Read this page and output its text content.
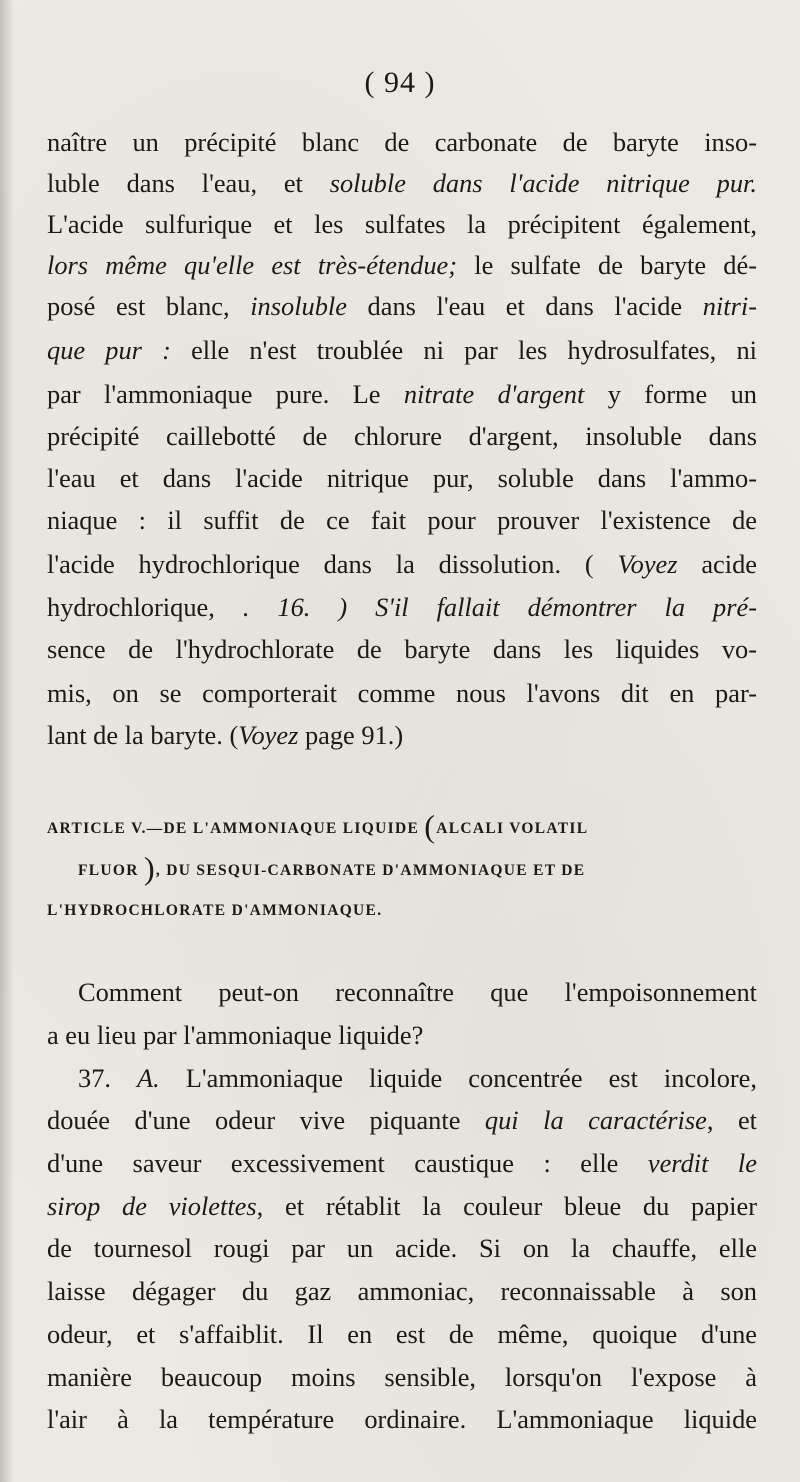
( 94 )
naître un précipité blanc de carbonate de baryte inso-
luble dans l'eau, et soluble dans l'acide nitrique pur.
L'acide sulfurique et les sulfates la précipitent également,
lors même qu'elle est très-étendue; le sulfate de baryte dé-
posé est blanc, insoluble dans l'eau et dans l'acide nitri-
que pur : elle n'est troublée ni par les hydrosulfates, ni
par l'ammoniaque pure. Le nitrate d'argent y forme un
précipité caillebotté de chlorure d'argent, insoluble dans
l'eau et dans l'acide nitrique pur, soluble dans l'ammo-
niaque : il suffit de ce fait pour prouver l'existence de
l'acide hydrochlorique dans la dissolution. ( Voyez acide
hydrochlorique, . 16. ) S'il fallait démontrer la pré-
sence de l'hydrochlorate de baryte dans les liquides vo-
mis, on se comporterait comme nous l'avons dit en par-
lant de la baryte. (Voyez page 91.)
ARTICLE V.—DE L'AMMONIAQUE LIQUIDE (ALCALI VOLATIL
FLUOR ), DU SESQUI-CARBONATE D'AMMONIAQUE ET DE
L'HYDROCHLORATE D'AMMONIAQUE.
Comment peut-on reconnaître que l'empoisonnement
a eu lieu par l'ammoniaque liquide?
37. A. L'ammoniaque liquide concentrée est incolore,
douée d'une odeur vive piquante qui la caractérise, et
d'une saveur excessivement caustique : elle verdit le
sirop de violettes, et rétablit la couleur bleue du papier
de tournesol rougi par un acide. Si on la chauffe, elle
laisse dégager du gaz ammoniac, reconnaissable à son
odeur, et s'affaiblit. Il en est de même, quoique d'une
manière beaucoup moins sensible, lorsqu'on l'expose à
l'air à la température ordinaire. L'ammoniaque liquide
